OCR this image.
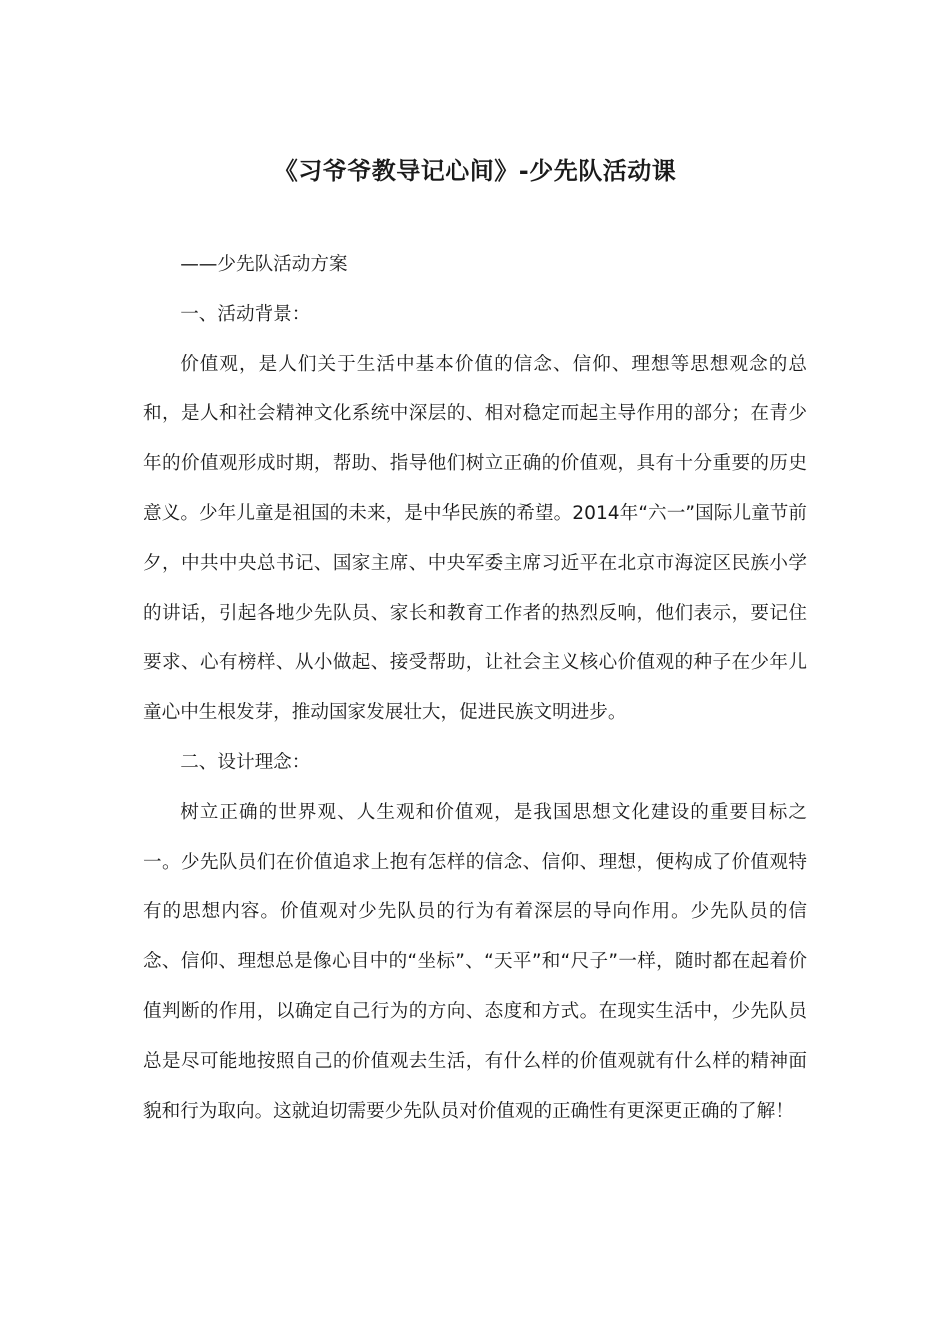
《习爷爷教导记心间》-少先队活动课

——少先队活动方案

一、活动背景：

价值观，是人们关于生活中基本价值的信念、信仰、理想等思想观念的总和，是人和社会精神文化系统中深层的、相对稳定而起主导作用的部分；在青少年的价值观形成时期，帮助、指导他们树立正确的价值观，具有十分重要的历史意义。少年儿童是祖国的未来，是中华民族的希望。2014年“六一”国际儿童节前夕，中共中央总书记、国家主席、中央军委主席习近平在北京市海淀区民族小学的讲话，引起各地少先队员、家长和教育工作者的热烈反响，他们表示，要记住要求、心有榜样、从小做起、接受帮助，让社会主义核心价值观的种子在少年儿童心中生根发芽，推动国家发展壮大，促进民族文明进步。

二、设计理念：

树立正确的世界观、人生观和价值观，是我国思想文化建设的重要目标之一。少先队员们在价值追求上抱有怎样的信念、信仰、理想，便构成了价值观特有的思想内容。价值观对少先队员的行为有着深层的导向作用。少先队员的信念、信仰、理想总是像心目中的“坐标”、“天平”和“尺子”一样，随时都在起着价值判断的作用，以确定自己行为的方向、态度和方式。在现实生活中，少先队员总是尽可能地按照自己的价值观去生活，有什么样的价值观就有什么样的精神面貌和行为取向。这就迫切需要少先队员对价值观的正确性有更深更正确的了解！
